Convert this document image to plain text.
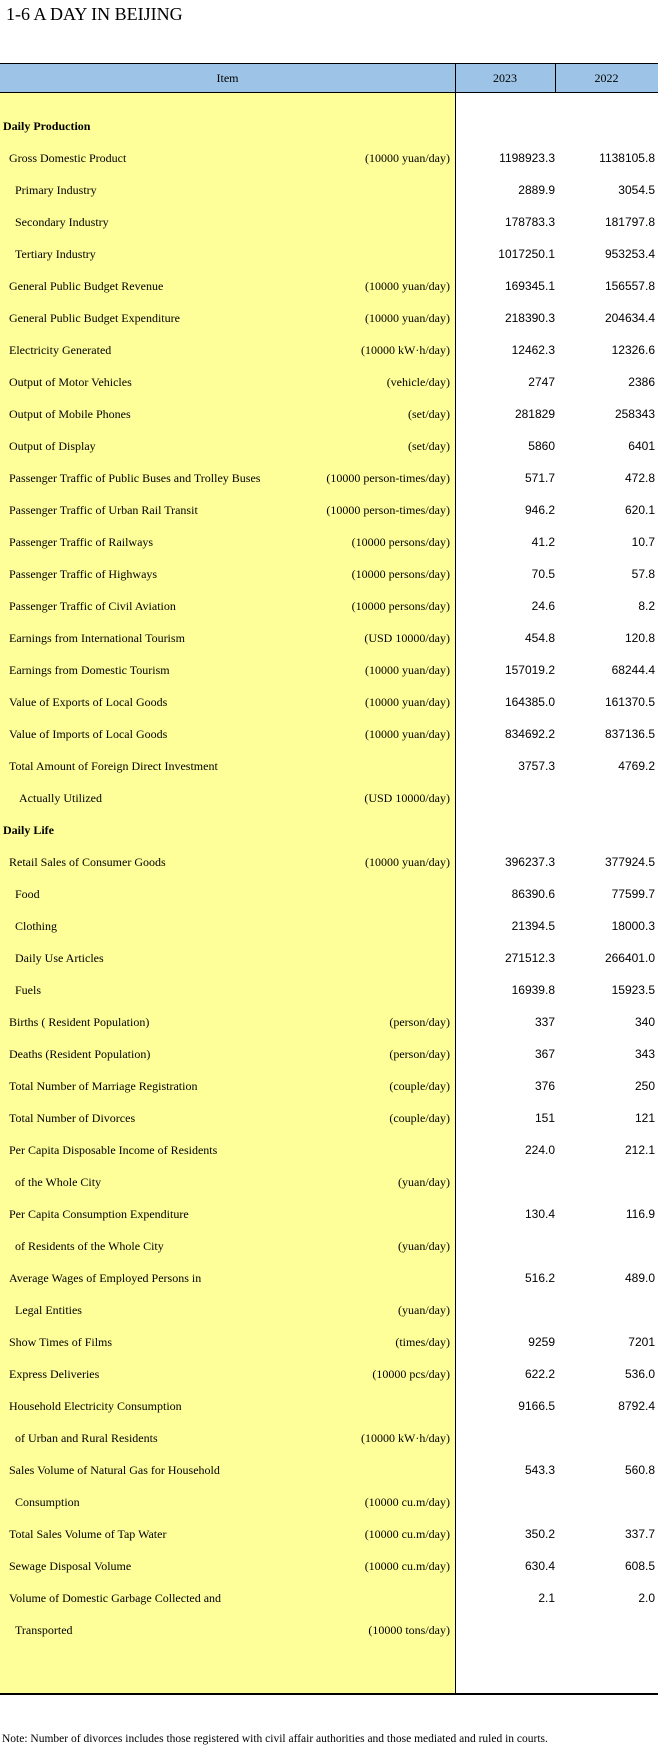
1-6 A DAY IN BEIJING
Item	2023	2022
Daily Production
Gross Domestic Product	(10000 yuan/day)	1198923.3	1138105.8
Primary Industry	2889.9	3054.5
Secondary Industry	178783.3	181797.8
Tertiary Industry	1017250.1	953253.4
General Public Budget Revenue	(10000 yuan/day)	169345.1	156557.8
General Public Budget Expenditure	(10000 yuan/day)	218390.3	204634.4
Electricity Generated	(10000 kW·h/day)	12462.3	12326.6
Output of Motor Vehicles	(vehicle/day)	2747	2386
Output of Mobile Phones	(set/day)	281829	258343
Output of Display	(set/day)	5860	6401
Passenger Traffic of Public Buses and Trolley Buses	(10000 person-times/day)	571.7	472.8
Passenger Traffic of Urban Rail Transit	(10000 person-times/day)	946.2	620.1
Passenger Traffic of Railways	(10000 persons/day)	41.2	10.7
Passenger Traffic of Highways	(10000 persons/day)	70.5	57.8
Passenger Traffic of Civil Aviation	(10000 persons/day)	24.6	8.2
Earnings from International Tourism	(USD 10000/day)	454.8	120.8
Earnings from Domestic Tourism	(10000 yuan/day)	157019.2	68244.4
Value of Exports of Local Goods	(10000 yuan/day)	164385.0	161370.5
Value of Imports of Local Goods	(10000 yuan/day)	834692.2	837136.5
Total Amount of Foreign Direct Investment	3757.3	4769.2
Actually Utilized	(USD 10000/day)
Daily Life
Retail Sales of Consumer Goods	(10000 yuan/day)	396237.3	377924.5
Food	86390.6	77599.7
Clothing	21394.5	18000.3
Daily Use Articles	271512.3	266401.0
Fuels	16939.8	15923.5
Births ( Resident Population)	(person/day)	337	340
Deaths (Resident Population)	(person/day)	367	343
Total Number of Marriage Registration	(couple/day)	376	250
Total Number of Divorces	(couple/day)	151	121
Per Capita Disposable Income of Residents	224.0	212.1
of the Whole City	(yuan/day)
Per Capita Consumption Expenditure	130.4	116.9
of Residents of the Whole City	(yuan/day)
Average Wages of Employed Persons in	516.2	489.0
Legal Entities	(yuan/day)
Show Times of Films	(times/day)	9259	7201
Express Deliveries	(10000 pcs/day)	622.2	536.0
Household Electricity Consumption	9166.5	8792.4
of Urban and Rural Residents	(10000 kW·h/day)
Sales Volume of Natural Gas for Household	543.3	560.8
Consumption	(10000 cu.m/day)
Total Sales Volume of Tap Water	(10000 cu.m/day)	350.2	337.7
Sewage Disposal Volume	(10000 cu.m/day)	630.4	608.5
Volume of Domestic Garbage Collected and	2.1	2.0
Transported	(10000 tons/day)
Note: Number of divorces includes those registered with civil affair authorities and those mediated and ruled in courts.
